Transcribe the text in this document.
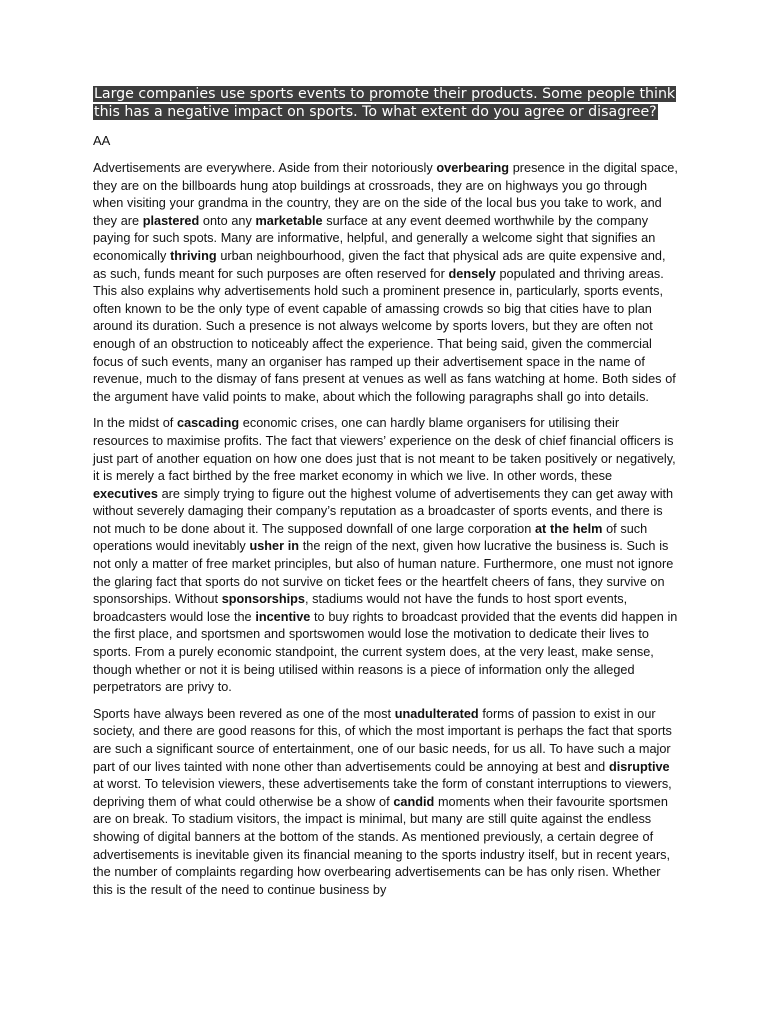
Large companies use sports events to promote their products. Some people think this has a negative impact on sports. To what extent do you agree or disagree?
AA

Advertisements are everywhere. Aside from their notoriously overbearing presence in the digital space, they are on the billboards hung atop buildings at crossroads, they are on highways you go through when visiting your grandma in the country, they are on the side of the local bus you take to work, and they are plastered onto any marketable surface at any event deemed worthwhile by the company paying for such spots. Many are informative, helpful, and generally a welcome sight that signifies an economically thriving urban neighbourhood, given the fact that physical ads are quite expensive and, as such, funds meant for such purposes are often reserved for densely populated and thriving areas. This also explains why advertisements hold such a prominent presence in, particularly, sports events, often known to be the only type of event capable of amassing crowds so big that cities have to plan around its duration. Such a presence is not always welcome by sports lovers, but they are often not enough of an obstruction to noticeably affect the experience. That being said, given the commercial focus of such events, many an organiser has ramped up their advertisement space in the name of revenue, much to the dismay of fans present at venues as well as fans watching at home. Both sides of the argument have valid points to make, about which the following paragraphs shall go into details.

In the midst of cascading economic crises, one can hardly blame organisers for utilising their resources to maximise profits. The fact that viewers’ experience on the desk of chief financial officers is just part of another equation on how one does just that is not meant to be taken positively or negatively, it is merely a fact birthed by the free market economy in which we live. In other words, these executives are simply trying to figure out the highest volume of advertisements they can get away with without severely damaging their company’s reputation as a broadcaster of sports events, and there is not much to be done about it. The supposed downfall of one large corporation at the helm of such operations would inevitably usher in the reign of the next, given how lucrative the business is. Such is not only a matter of free market principles, but also of human nature. Furthermore, one must not ignore the glaring fact that sports do not survive on ticket fees or the heartfelt cheers of fans, they survive on sponsorships. Without sponsorships, stadiums would not have the funds to host sport events, broadcasters would lose the incentive to buy rights to broadcast provided that the events did happen in the first place, and sportsmen and sportswomen would lose the motivation to dedicate their lives to sports. From a purely economic standpoint, the current system does, at the very least, make sense, though whether or not it is being utilised within reasons is a piece of information only the alleged perpetrators are privy to.

Sports have always been revered as one of the most unadulterated forms of passion to exist in our society, and there are good reasons for this, of which the most important is perhaps the fact that sports are such a significant source of entertainment, one of our basic needs, for us all. To have such a major part of our lives tainted with none other than advertisements could be annoying at best and disruptive at worst. To television viewers, these advertisements take the form of constant interruptions to viewers, depriving them of what could otherwise be a show of candid moments when their favourite sportsmen are on break. To stadium visitors, the impact is minimal, but many are still quite against the endless showing of digital banners at the bottom of the stands. As mentioned previously, a certain degree of advertisements is inevitable given its financial meaning to the sports industry itself, but in recent years, the number of complaints regarding how overbearing advertisements can be has only risen. Whether this is the result of the need to continue business by
